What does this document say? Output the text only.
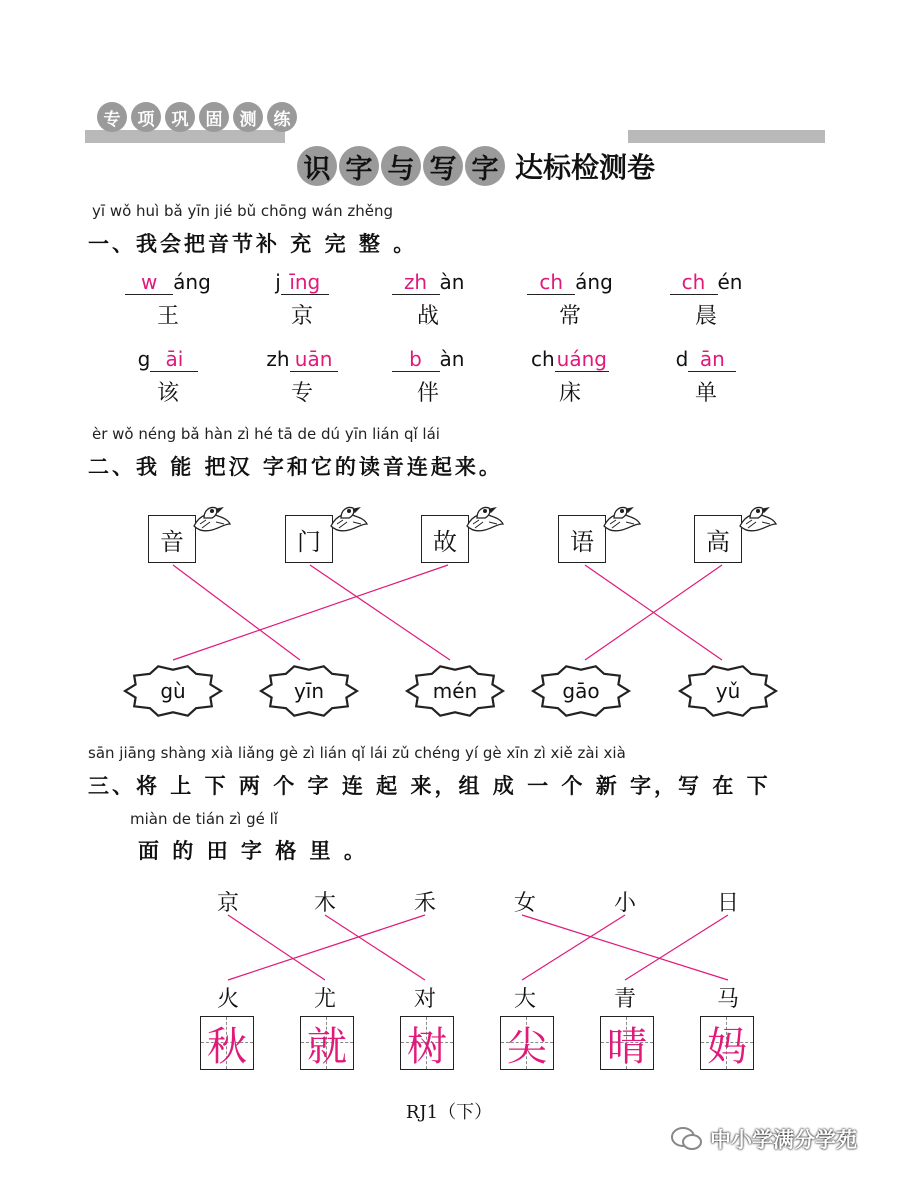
专	项	巩	固	测	练
识 字 与 写 字 达标检测卷
yī wǒ huì bǎ yīn jié bǔ chōng wán zhěng
一、我会把音节补 充 完 整 。
w áng
王
j īng
京
zh àn
战
ch áng
常
ch én
晨
g āi
该
zh uān
专
b àn
伴
ch uáng
床
d ān
单
èr wǒ néng bǎ hàn zì hé tā de dú yīn lián qǐ lái
二、我 能 把汉 字和它的读音连起来。
音	门	故	语	高
gù	yīn	mén	gāo	yǔ
sān jiāng shàng xià liǎng gè zì lián qǐ lái zǔ chéng yí gè xīn zì xiě zài xià
三、将 上 下 两 个 字 连 起 来，组 成 一 个 新 字，写 在 下
miàn de tián zì gé lǐ
面 的 田 字 格 里 。
京	木	禾	女	小	日
火	尤	对	大	青	马
秋 就 树 尖 晴 妈
RJ1（下）
中小学满分学苑
